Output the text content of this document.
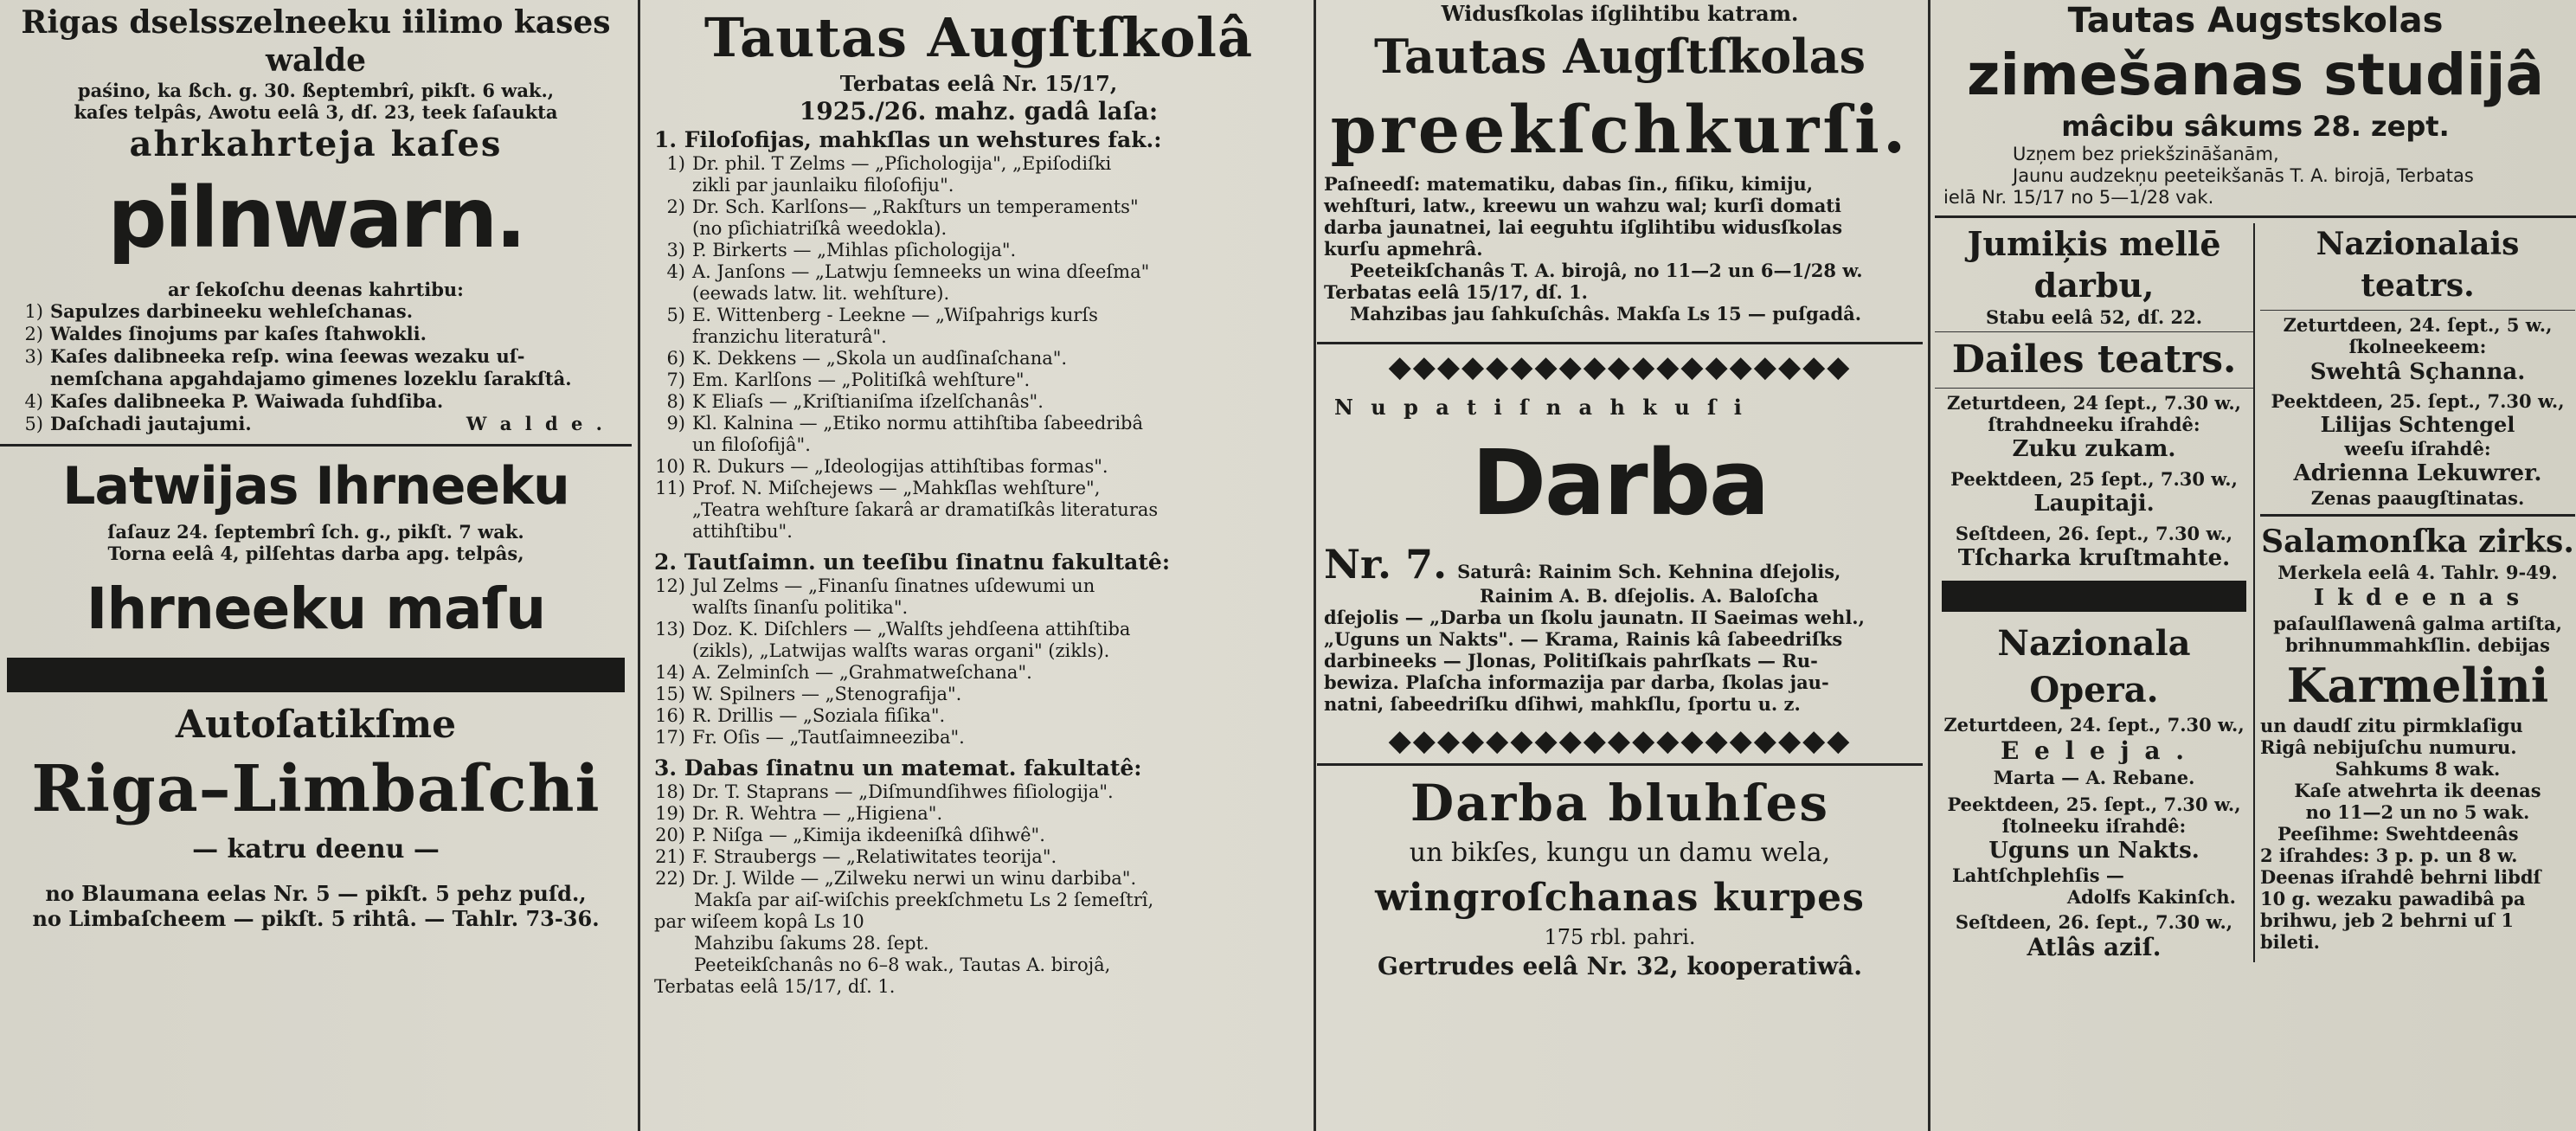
Rigas dselsszelneeku iilimo kases walde
paśino, ka ßch. g. 30. ßeptembrî, pikſt. 6 wak.,
kaſes telpâs, Awotu eelâ 3, dſ. 23, teek ſaſaukta
ahrkahrteja kaſes
pilnwarn.
ar ſekoſchu deenas kahrtibu:
1) Sapulzes darbineeku wehleſchanas.
2) Waldes ſinojums par kaſes ſtahwokli.
3) Kaſes dalibneeka reſp. wina ſeewas wezaku uſ-
nemſchana apgahdajamo gimenes lozeklu ſarakſtâ.
4) Kaſes dalibneeka P. Waiwada ſuhdſiba.
5) Daſchadi jautajumi.	W a l d e .
Latwijas Ihrneeku
ſaſauz 24. ſeptembrî ſch. g., pikſt. 7 wak.
Torna eelâ 4, pilſehtas darba apg. telpâs,
Ihrneeku maſu
Autoſatikſme
Riga–Limbaſchi
— katru deenu —
no Blaumana eelas Nr. 5 — pikſt. 5 pehz puſd.,
no Limbaſcheem — pikſt. 5 rihtâ. — Tahlr. 73-36.
Tautas Augſtſkolâ
Terbatas eelâ Nr. 15/17,
1925./26. mahz. gadâ laſa:
1. Filoſofijas, mahkſlas un wehstures fak.:
1) Dr. phil. T Zelms — „Pſichologija", „Epiſodiſki
zikli par jaunlaiku filoſofiju".
2) Dr. Sch. Karlſons— „Rakſturs un temperaments"
(no pſichiatriſkâ weedokla).
3) P. Birkerts — „Mihlas pſichologija".
4) A. Janſons — „Latwju ſemneeks un wina dſeeſma"
(eewads latw. lit. wehſture).
5) E. Wittenberg - Leekne — „Wiſpahrigs kurſs
franzichu literaturâ".
6) K. Dekkens — „Skola un audſinaſchana".
7) Em. Karlſons — „Politiſkâ wehſture".
8) K Eliaſs — „Kriſtianiſma iſzelſchanâs".
9) Kl. Kalnina — „Etiko normu attihſtiba ſabeedribâ
un filoſofijâ".
10) R. Dukurs — „Ideologijas attihſtibas formas".
11) Prof. N. Miſchejews — „Mahkſlas wehſture",
„Teatra wehſture ſakarâ ar dramatiſkâs literaturas
attihſtibu".
2. Tautſaimn. un teeſibu ſinatnu fakultatê:
12) Jul Zelms — „Finanſu ſinatnes uſdewumi un
walſts ſinanſu politika".
13) Doz. K. Diſchlers — „Walſts jehdſeena attihſtiba
(zikls), „Latwijas walſts waras organi" (zikls).
14) A. Zelminſch — „Grahmatweſchana".
15) W. Spilners — „Stenografija".
16) R. Drillis — „Soziala fiſika".
17) Fr. Oſis — „Tautſaimneeziba".
3. Dabas ſinatnu un matemat. fakultatê:
18) Dr. T. Staprans — „Diſmundſihwes fiſiologija".
19) Dr. R. Wehtra — „Higiena".
20) P. Niſga — „Kimija ikdeeniſkâ dſihwê".
21) F. Straubergs — „Relatiwitates teorija".
22) Dr. J. Wilde — „Zilweku nerwi un winu darbiba".
Makſa par aiſ-wiſchis preekſchmetu Ls 2 ſemeſtrî,
par wiſeem kopâ Ls 10
Mahzibu ſakums 28. ſept.
Peeteikſchanâs no 6–8 wak., Tautas A. birojâ,
Terbatas eelâ 15/17, dſ. 1.
Widusſkolas iſglihtibu katram.
Tautas Augſtſkolas
preekſchkurſi.
Paſneedſ: matematiku, dabas ſin., fiſiku, kimiju,
wehſturi, latw., kreewu un wahzu wal; kurſi domati
darba jaunatnei, lai eeguhtu iſglihtibu widusſkolas
kurſu apmehrâ.
Peeteikſchanâs T. A. birojâ, no 11—2 un 6—1/28 w.
Terbatas eelâ 15/17, dſ. 1.
Mahzibas jau ſahkuſchâs. Makſa Ls 15 — puſgadâ.
◆◆◆◆◆◆◆◆◆◆◆◆◆◆◆◆◆◆◆
N u p a t i ſ n a h k u ſ i
Darba
Nr. 7. Saturâ: Rainim Sch. Kehnina dſejolis,
Rainim A. B. dſejolis. A. Baloſcha
dſejolis — „Darba un ſkolu jaunatn. II Saeimas wehl.,
„Uguns un Nakts". — Krama, Rainis kâ ſabeedriſks
darbineeks — Jlonas, Politiſkais pahrſkats — Ru-
bewiza. Plaſcha informazija par darba, ſkolas jau-
natni, ſabeedriſku dſihwi, mahkſlu, ſportu u. z.
◆◆◆◆◆◆◆◆◆◆◆◆◆◆◆◆◆◆◆
Darba bluhſes
un bikſes, kungu un damu wela,
wingroſchanas kurpes
175 rbl. pahri.
Gertrudes eelâ Nr. 32, kooperatiwâ.
Tautas Augstskolas
zimešanas studijâ
mâcibu sâkums 28. zept.
Uzņem bez priekšzināšanām,
Jaunu audzekņu peeteikšanās T. A. birojā, Terbatas
ielā Nr. 15/17 no 5—1/28 vak.
Jumiķis mellē darbu,
Stabu eelâ 52, dſ. 22.
Dailes teatrs.
Zeturtdeen, 24 ſept., 7.30 w.,
ſtrahdneeku iſrahdê:
Zuku zukam.
Peektdeen, 25 ſept., 7.30 w.,
Laupitaji.
Seſtdeen, 26. ſept., 7.30 w.,
Tſcharka kruſtmahte.
Nazionala Opera.
Zeturtdeen, 24. ſept., 7.30 w.,
E e l e j a .
Marta — A. Rebane.
Peektdeen, 25. ſept., 7.30 w.,
ſtolneeku iſrahdê:
Uguns un Nakts.
Lahtſchplehſis —
Adolfs Kakinſch.
Seſtdeen, 26. ſept., 7.30 w.,
Atlâs aziſ.
Nazionalais teatrs.
Zeturtdeen, 24. ſept., 5 w.,
ſkolneekeem:
Swehtâ Sçhanna.
Peektdeen, 25. ſept., 7.30 w.,
Lilijas Schtengel
weeſu iſrahdê:
Adrienna Lekuwrer.
Zenas paaugſtinatas.
Salamonſka zirks.
Merkela eelâ 4. Tahlr. 9-49.
I k d e e n a s
paſaulſlawenâ galma artiſta,
brihnummahkſlin. debijas
Karmelini
un daudſ zitu pirmklaſigu
Rigâ nebijuſchu numuru.
Sahkums 8 wak.
Kaſe atwehrta ik deenas
no 11—2 un no 5 wak.
Peeſihme: Swehtdeenâs
2 iſrahdes: 3 p. p. un 8 w.
Deenas iſrahdê behrni libdſ
10 g. wezaku pawadibâ pa
brihwu, jeb 2 behrni uſ 1
bileti.
